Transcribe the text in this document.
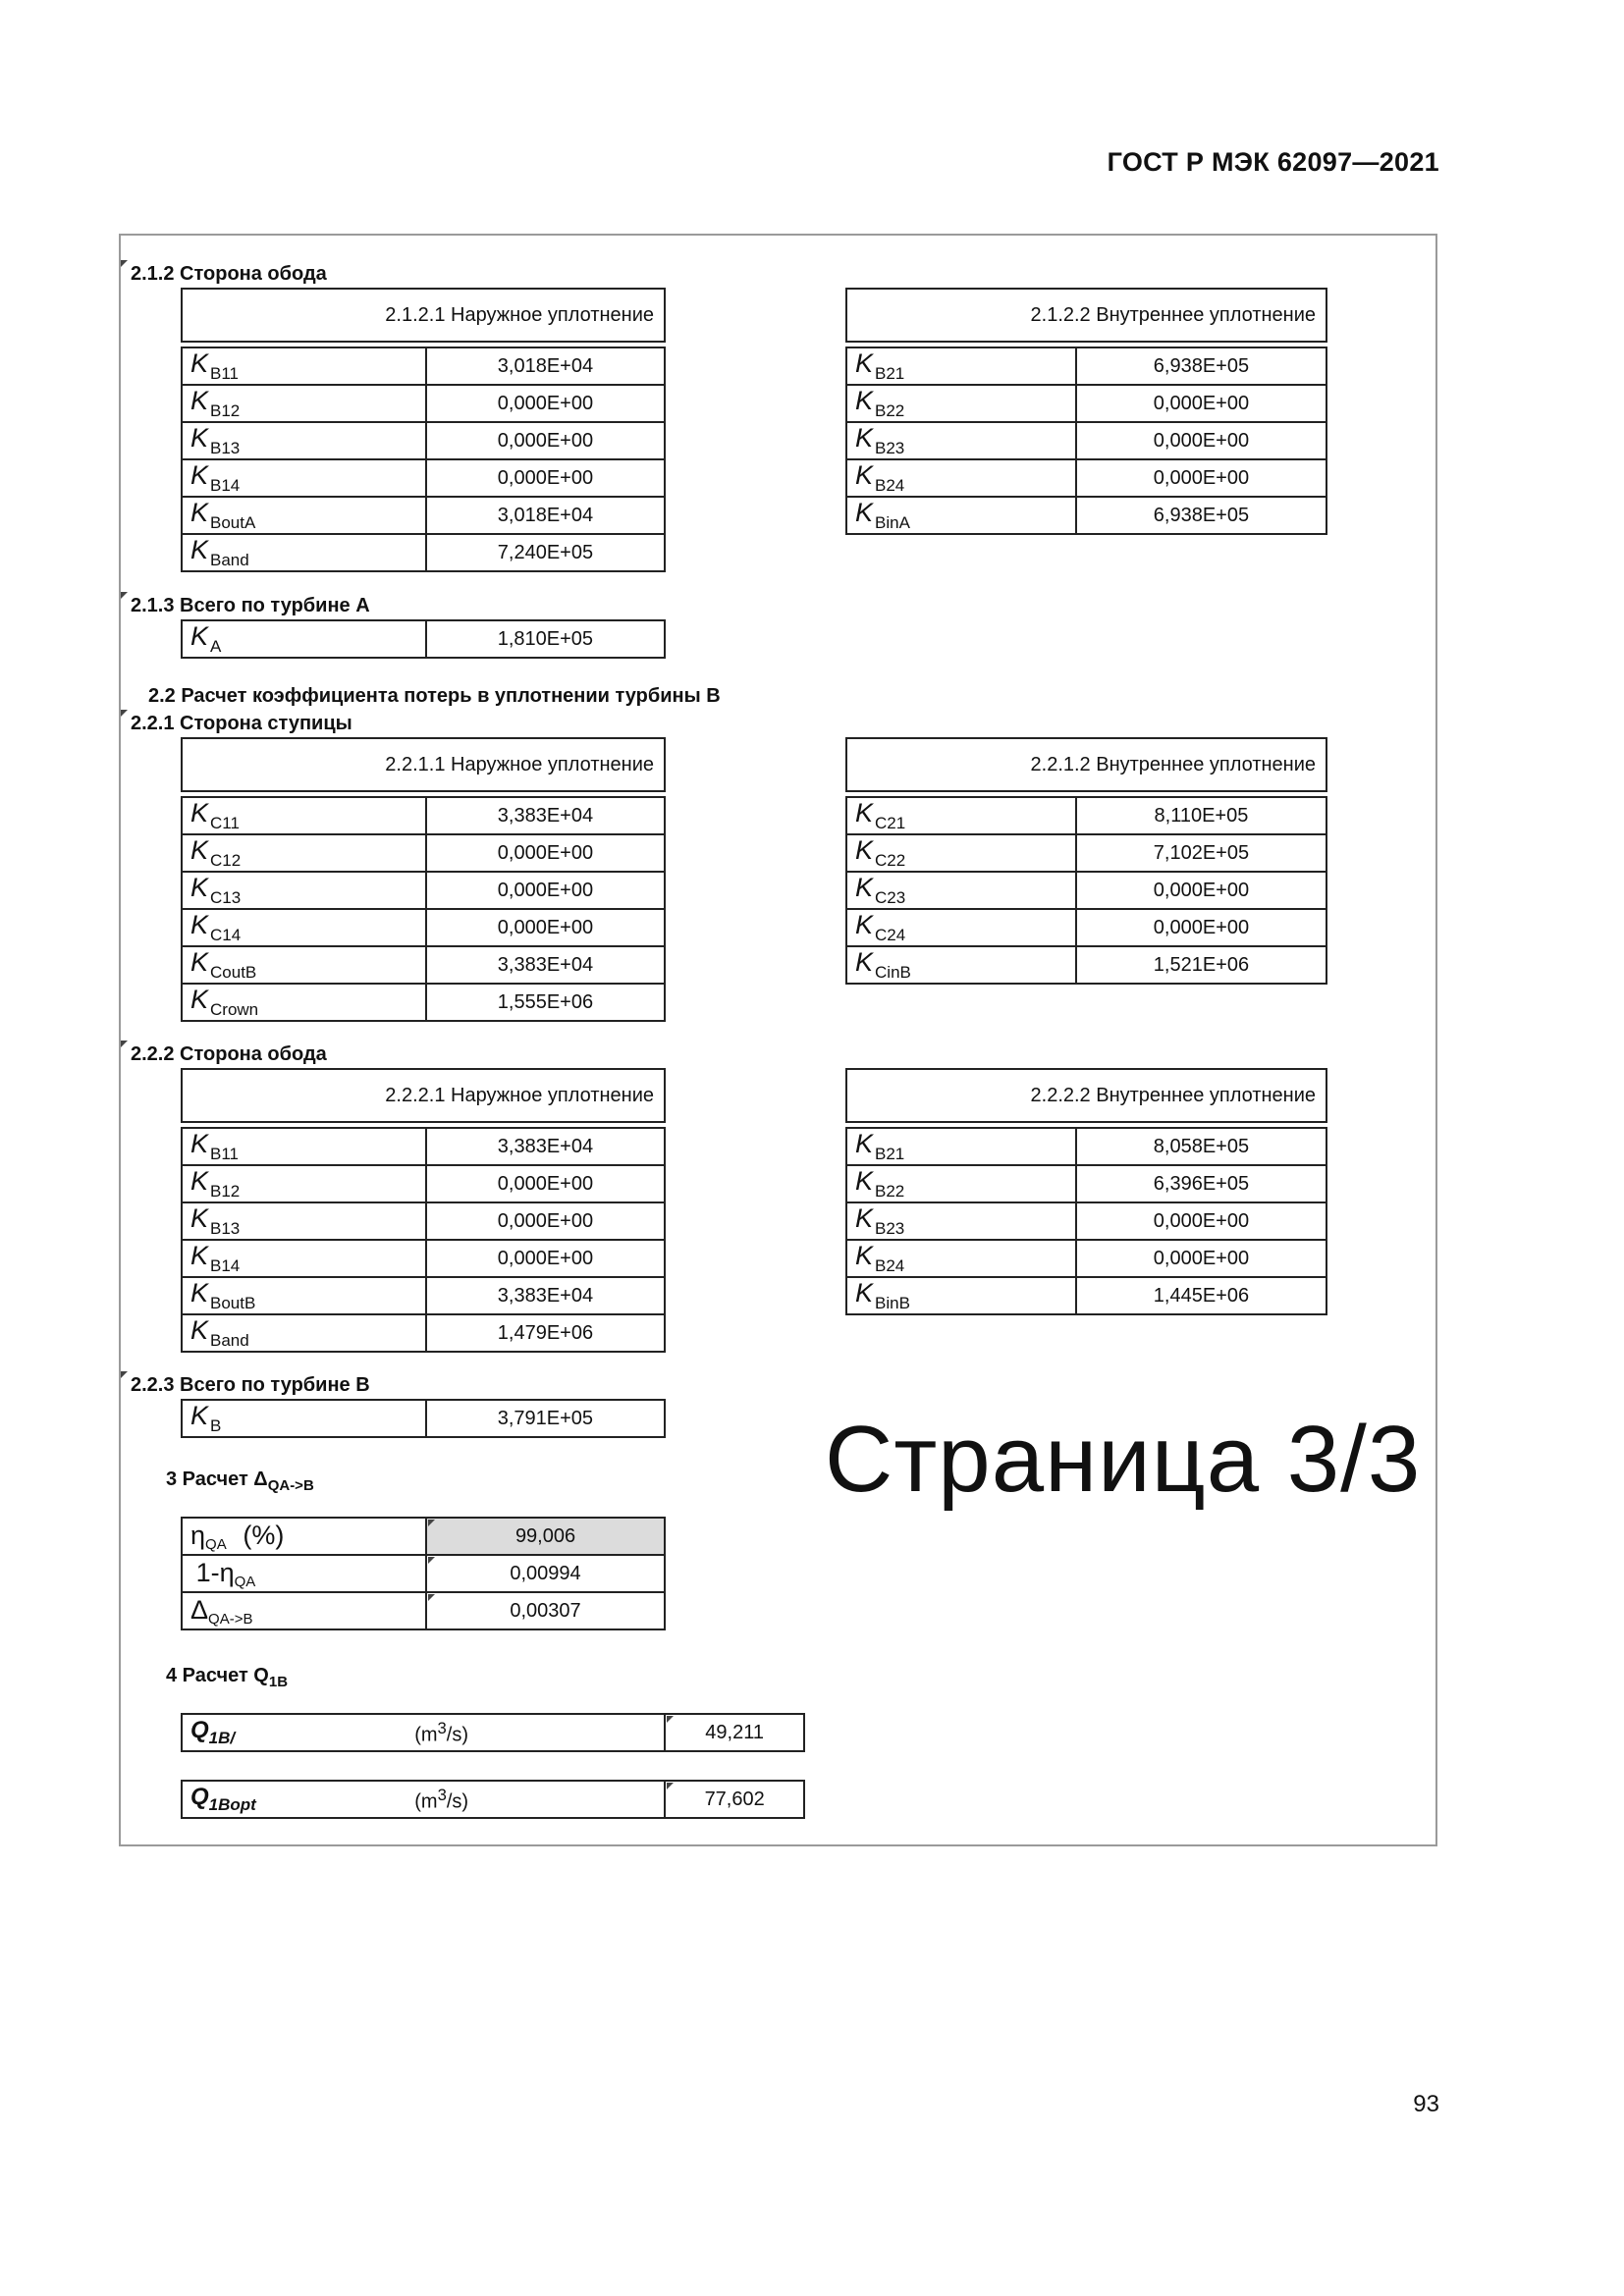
ГОСТ Р МЭК 62097—2021
2.1.2 Сторона обода
2.1.2.1 Наружное уплотнение	

K $_{B11}$	3,018E+04
K $_{B12}$	0,000E+00
K $_{B13}$	0,000E+00
K $_{B14}$	0,000E+00
K $_{BoutA}$	3,018E+04
K $_{Band}$	7,240E+05
2.1.2.2 Внутреннее уплотнение	

K $_{B21}$	6,938E+05
K $_{B22}$	0,000E+00
K $_{B23}$	0,000E+00
K $_{B24}$	0,000E+00
K $_{BinA}$	6,938E+05
2.1.3 Всего по турбине А
K $_A$	1,810E+05
2.2 Расчет коэффициента потерь в уплотнении турбины В
2.2.1 Сторона ступицы
2.2.1.1 Наружное уплотнение	

K $_{C11}$	3,383E+04
K $_{C12}$	0,000E+00
K $_{C13}$	0,000E+00
K $_{C14}$	0,000E+00
K $_{CoutB}$	3,383E+04
K $_{Crown}$	1,555E+06
2.2.1.2 Внутреннее уплотнение	

K $_{C21}$	8,110E+05
K $_{C22}$	7,102E+05
K $_{C23}$	0,000E+00
K $_{C24}$	0,000E+00
K $_{CinB}$	1,521E+06
2.2.2 Сторона обода
2.2.2.1 Наружное уплотнение	

K $_{B11}$	3,383E+04
K $_{B12}$	0,000E+00
K $_{B13}$	0,000E+00
K $_{B14}$	0,000E+00
K $_{BoutB}$	3,383E+04
K $_{Band}$	1,479E+06
2.2.2.2 Внутреннее уплотнение	

K $_{B21}$	8,058E+05
K $_{B22}$	6,396E+05
K $_{B23}$	0,000E+00
K $_{B24}$	0,000E+00
K $_{BinB}$	1,445E+06
2.2.3 Всего по турбине В
K $_B$	3,791E+05 Страница 3/3
3 Расчет $\Delta_{QA->B}$
$\eta_{QA}$ (%)	99,006
$1-\eta_{QA}$	0,00994
$\Delta_{QA->B}$	0,00307
4 Расчет $Q_{1B}$
$Q_{1B/}$	$(m^3/s)$	49,211
$Q_{1Bopt}$	$(m^3/s)$	77,602
93
